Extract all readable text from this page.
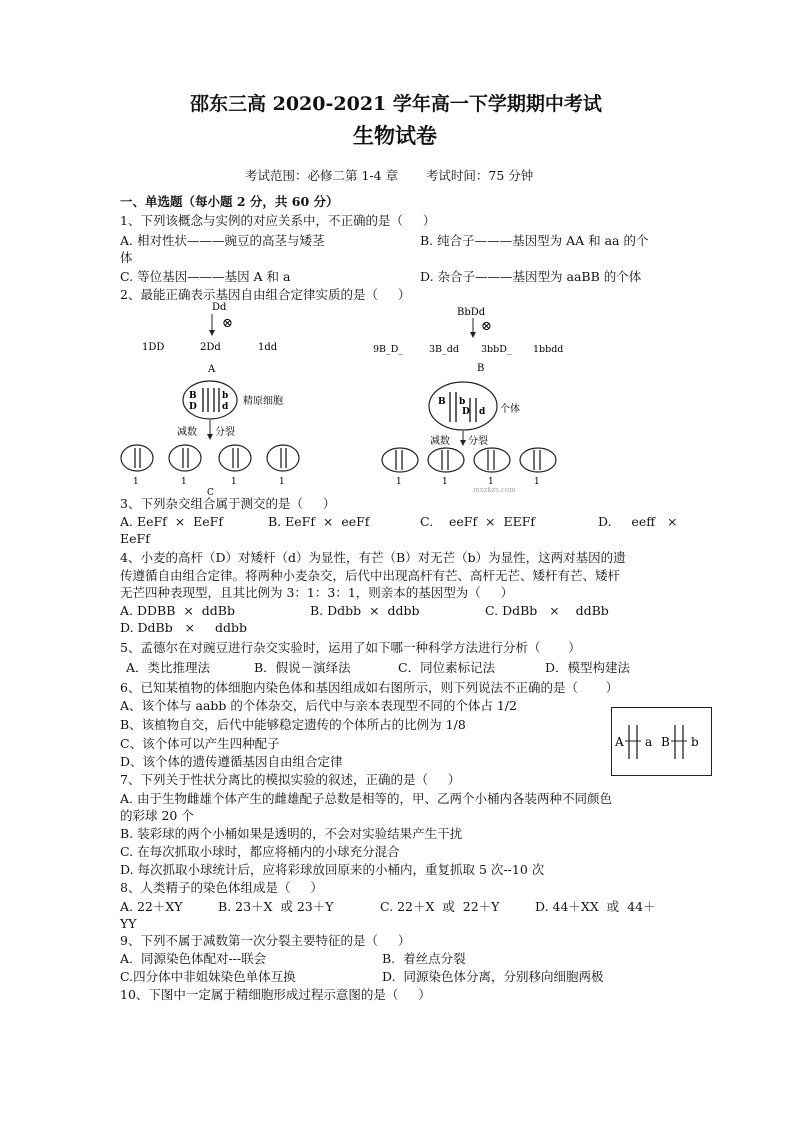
邵东三高 2020-2021 学年高一下学期期中考试
生物试卷
考试范围：必修二第 1-4 章       考试时间：75 分钟
一、单选题（每小题 2 分，共 60 分）
1、下列该概念与实例的对应关系中，不正确的是（     ）
A. 相对性状———豌豆的高茎与矮茎	B. 纯合子———基因型为 AA 和 aa 的个
体
C. 等位基因———基因 A 和 a	D. 杂合子———基因型为 aaBB 的个体
2、最能正确表示基因自由组合定律实质的是（     ）
Dd
⊗
1DD	2Dd	1dd
A
BbDd
⊗
9B_D_	3B_dd 3bbD_ 1bbdd
B
B	b
D	d 精原细胞
减数 分裂
1	1	1	1
C
B b
D d 个体
减数 分裂
1	1	1	1
mxzkzs.com
3、下列杂交组合属于测交的是（     ）
A. EeFf  ×  EeFf	B. EeFf  ×  eeFf	C.    eeFf  ×  EEFf	D.     eeff   ×
EeFf
4、小麦的高杆（D）对矮杆（d）为显性，有芒（B）对无芒（b）为显性，这两对基因的遗
传遵循自由组合定律。将两种小麦杂交，后代中出现高杆有芒、高杆无芒、矮杆有芒、矮杆
无芒四种表现型，且其比例为 3：1：3：1，则亲本的基因型为（     ）
A. DDBB  ×  ddBb	B. Ddbb  ×  ddbb	C. DdBb   ×    ddBb
D. DdBb   ×     ddbb
5、孟德尔在对豌豆进行杂交实验时，运用了如下哪一种科学方法进行分析（       ）
A．类比推理法	B．假说－演绎法	C．同位素标记法	D．模型构建法
6、已知某植物的体细胞内染色体和基因组成如右图所示，则下列说法不正确的是（       ）
A、该个体与 aabb 的个体杂交，后代中与亲本表现型不同的个体占 1/2
B、该植物自交，后代中能够稳定遗传的个体所占的比例为 1/8
C、该个体可以产生四种配子
D、该个体的遗传遵循基因自由组合定律
A a B b
7、下列关于性状分离比的模拟实验的叙述，正确的是（     ）
A. 由于生物雌雄个体产生的雌雄配子总数是相等的，甲、乙两个小桶内各装两种不同颜色
的彩球 20 个
B. 装彩球的两个小桶如果是透明的，不会对实验结果产生干扰
C. 在每次抓取小球时，都应将桶内的小球充分混合
D. 每次抓取小球统计后，应将彩球放回原来的小桶内，重复抓取 5 次--10 次
8、人类精子的染色体组成是（     ）
A. 22＋XY	B. 23＋X  或 23＋Y	C. 22＋X  或  22＋Y	D. 44＋XX  或  44＋
YY
9、下列不属于减数第一次分裂主要特征的是（     ）
A.  同源染色体配对---联会	B.  着丝点分裂
C.四分体中非姐妹染色单体互换	D.  同源染色体分离，分别移向细胞两极
10、下图中一定属于精细胞形成过程示意图的是（     ）
